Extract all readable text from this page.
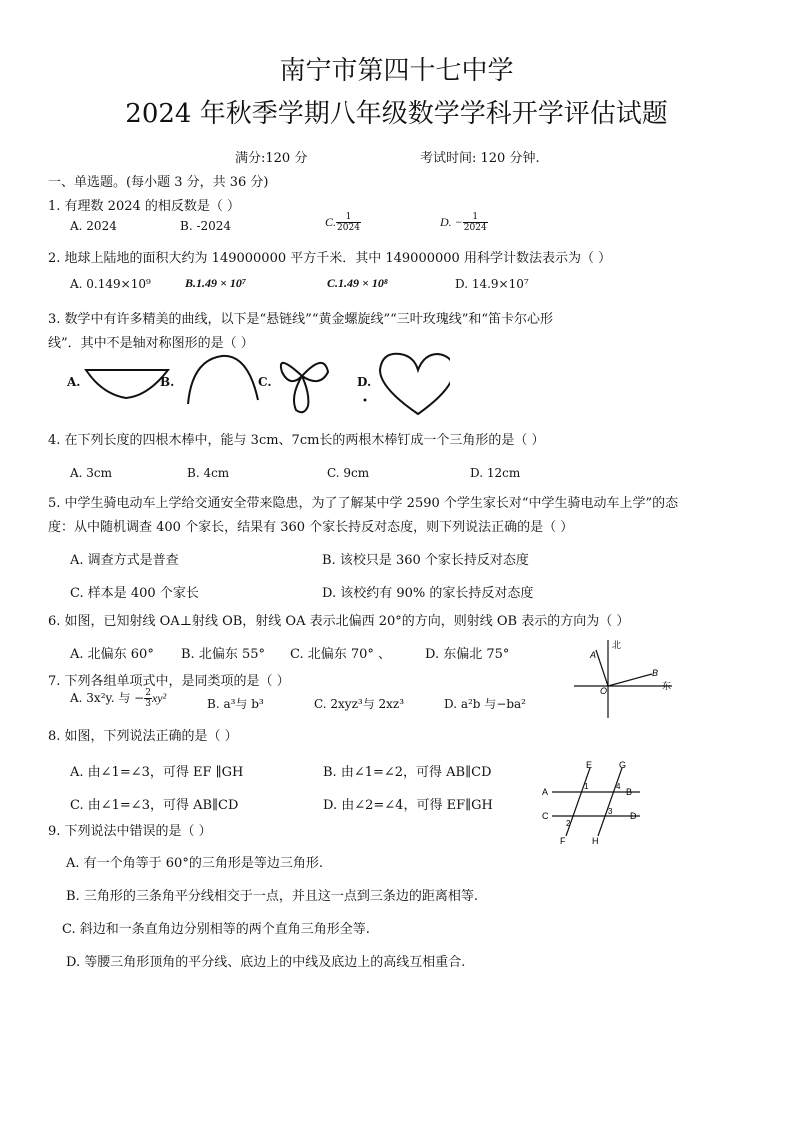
南宁市第四十七中学
2024 年秋季学期八年级数学学科开学评估试题
满分:120 分	考试时间: 120 分钟.
一、单选题。(每小题 3 分，共 36 分)
1. 有理数 2024 的相反数是（ ）
A. 2024	B. -2024	C. $\frac{1}{2024}$	D. − $\frac{1}{2024}$
2. 地球上陆地的面积大约为 149000000 平方千米．其中 149000000 用科学计数法表示为（ ）
A. 0.149×10⁹	B.1.49 × 10⁷	C.1.49 × 10⁸	D. 14.9×10⁷
3. 数学中有许多精美的曲线，以下是“悬链线”“黄金螺旋线”“三叶玫瑰线”和“笛卡尔心形
线”．其中不是轴对称图形的是（ ）
A.	B.	C.	D.
4. 在下列长度的四根木棒中，能与 3cm、7cm长的两根木棒钉成一个三角形的是（ ）
A. 3cm	B. 4cm	C. 9cm	D. 12cm
5. 中学生骑电动车上学给交通安全带来隐患，为了了解某中学 2590 个学生家长对“中学生骑电动车上学”的态
度：从中随机调查 400 个家长，结果有 360 个家长持反对态度，则下列说法正确的是（ ）
A. 调查方式是普查	B. 该校只是 360 个家长持反对态度
C. 样本是 400 个家长	D. 该校约有 90% 的家长持反对态度
6. 如图，已知射线 OA⊥射线 OB，射线 OA 表示北偏西 20°的方向，则射线 OB 表示的方向为（ ）
A. 北偏东 60° B. 北偏东 55° C. 北偏东 70° 、	D. 东偏北 75°
北
东
A
B
O
7. 下列各组单项式中，是同类项的是（ ）
A. 3x²y. 与 − $\frac{2}{3} xy^2$	B. a³与 b³	C. 2xyz³与 2xz³	D. a²b 与−ba²
8. 如图，下列说法正确的是（ ）
A. 由∠1=∠3，可得 EF ∥GH	B. 由∠1=∠2，可得 AB∥CD
C. 由∠1=∠3，可得 AB∥CD	D. 由∠2=∠4，可得 EF∥GH
E	G
A	B
C	D
F	H
1
2
3
4
9. 下列说法中错误的是（ ）
A. 有一个角等于 60°的三角形是等边三角形.
B. 三角形的三条角平分线相交于一点，并且这一点到三条边的距离相等.
C. 斜边和一条直角边分别相等的两个直角三角形全等.
D. 等腰三角形顶角的平分线、底边上的中线及底边上的高线互相重合.
